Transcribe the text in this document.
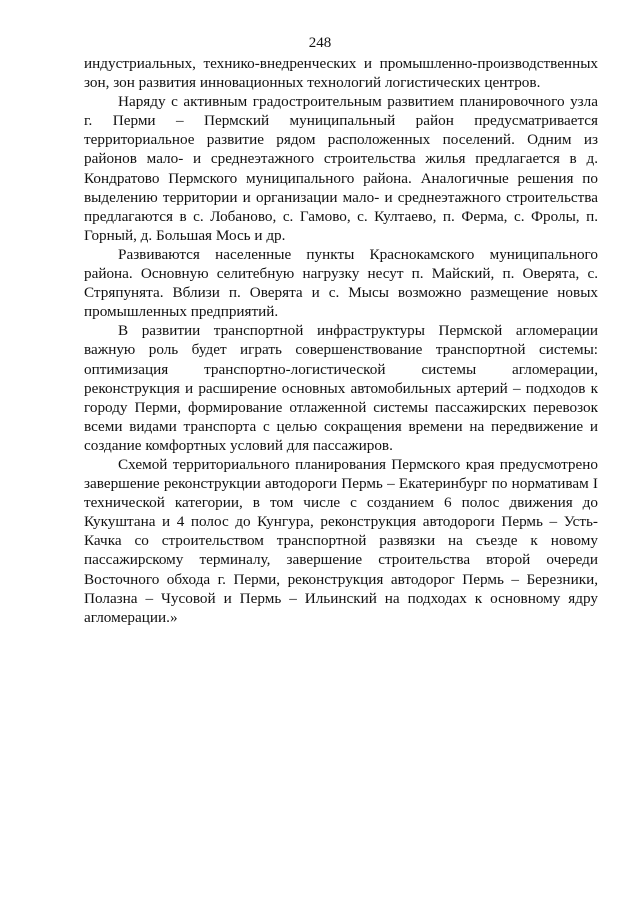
248

индустриальных, технико-внедренческих и промышленно-производственных зон, зон развития инновационных технологий логистических центров.

Наряду с активным градостроительным развитием планировочного узла г. Перми – Пермский муниципальный район предусматривается территориальное развитие рядом расположенных поселений. Одним из районов мало- и среднеэтажного строительства жилья предлагается в д. Кондратово Пермского муниципального района. Аналогичные решения по выделению территории и организации мало- и среднеэтажного строительства предлагаются в с. Лобаново, с. Гамово, с. Култаево, п. Ферма, с. Фролы, п. Горный, д. Большая Мось и др.

Развиваются населенные пункты Краснокамского муниципального района. Основную селитебную нагрузку несут п. Майский, п. Оверята, с. Стряпунята. Вблизи п. Оверята и с. Мысы возможно размещение новых промышленных предприятий.

В развитии транспортной инфраструктуры Пермской агломерации важную роль будет играть совершенствование транспортной системы: оптимизация транспортно-логистической системы агломерации, реконструкция и расширение основных автомобильных артерий – подходов к городу Перми, формирование отлаженной системы пассажирских перевозок всеми видами транспорта с целью сокращения времени на передвижение и создание комфортных условий для пассажиров.

Схемой территориального планирования Пермского края предусмотрено завершение реконструкции автодороги Пермь – Екатеринбург по нормативам I технической категории, в том числе с созданием 6 полос движения до Кукуштана и 4 полос до Кунгура, реконструкция автодороги Пермь – Усть-Качка со строительством транспортной развязки на съезде к новому пассажирскому терминалу, завершение строительства второй очереди Восточного обхода г. Перми, реконструкция автодорог Пермь – Березники, Полазна – Чусовой и Пермь – Ильинский на подходах к основному ядру агломерации.»
